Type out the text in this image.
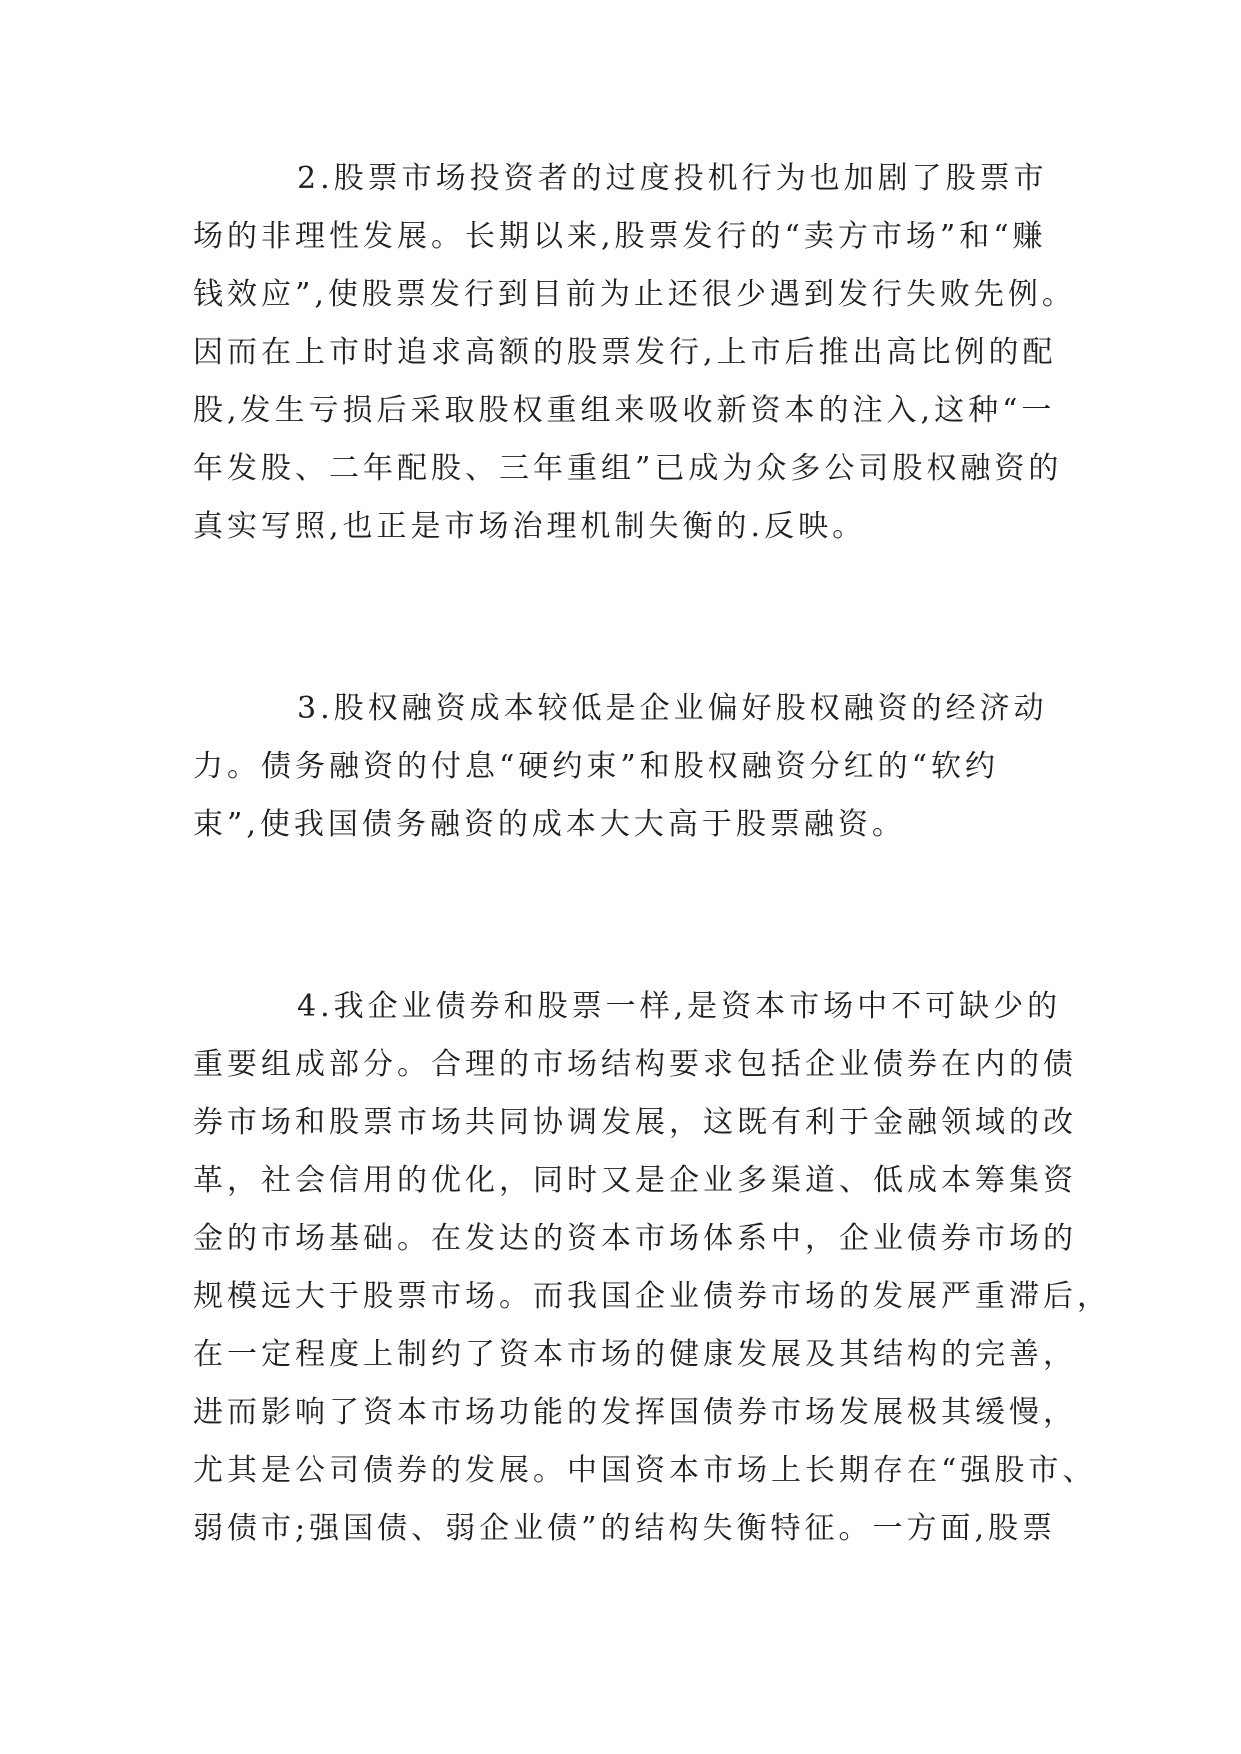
2.股票市场投资者的过度投机行为也加剧了股票市
场的非理性发展。长期以来,股票发行的“卖方市场”和“赚
钱效应”,使股票发行到目前为止还很少遇到发行失败先例。
因而在上市时追求高额的股票发行,上市后推出高比例的配
股,发生亏损后采取股权重组来吸收新资本的注入,这种“一
年发股、二年配股、三年重组”已成为众多公司股权融资的
真实写照,也正是市场治理机制失衡的.反映。
3.股权融资成本较低是企业偏好股权融资的经济动
力。债务融资的付息“硬约束”和股权融资分红的“软约
束”,使我国债务融资的成本大大高于股票融资。
4.我企业债券和股票一样,是资本市场中不可缺少的
重要组成部分。合理的市场结构要求包括企业债券在内的债
券市场和股票市场共同协调发展，这既有利于金融领域的改
革，社会信用的优化，同时又是企业多渠道、低成本筹集资
金的市场基础。在发达的资本市场体系中，企业债券市场的
规模远大于股票市场。而我国企业债券市场的发展严重滞后，
在一定程度上制约了资本市场的健康发展及其结构的完善，
进而影响了资本市场功能的发挥国债券市场发展极其缓慢，
尤其是公司债券的发展。中国资本市场上长期存在“强股市、
弱债市;强国债、弱企业债”的结构失衡特征。一方面,股票
